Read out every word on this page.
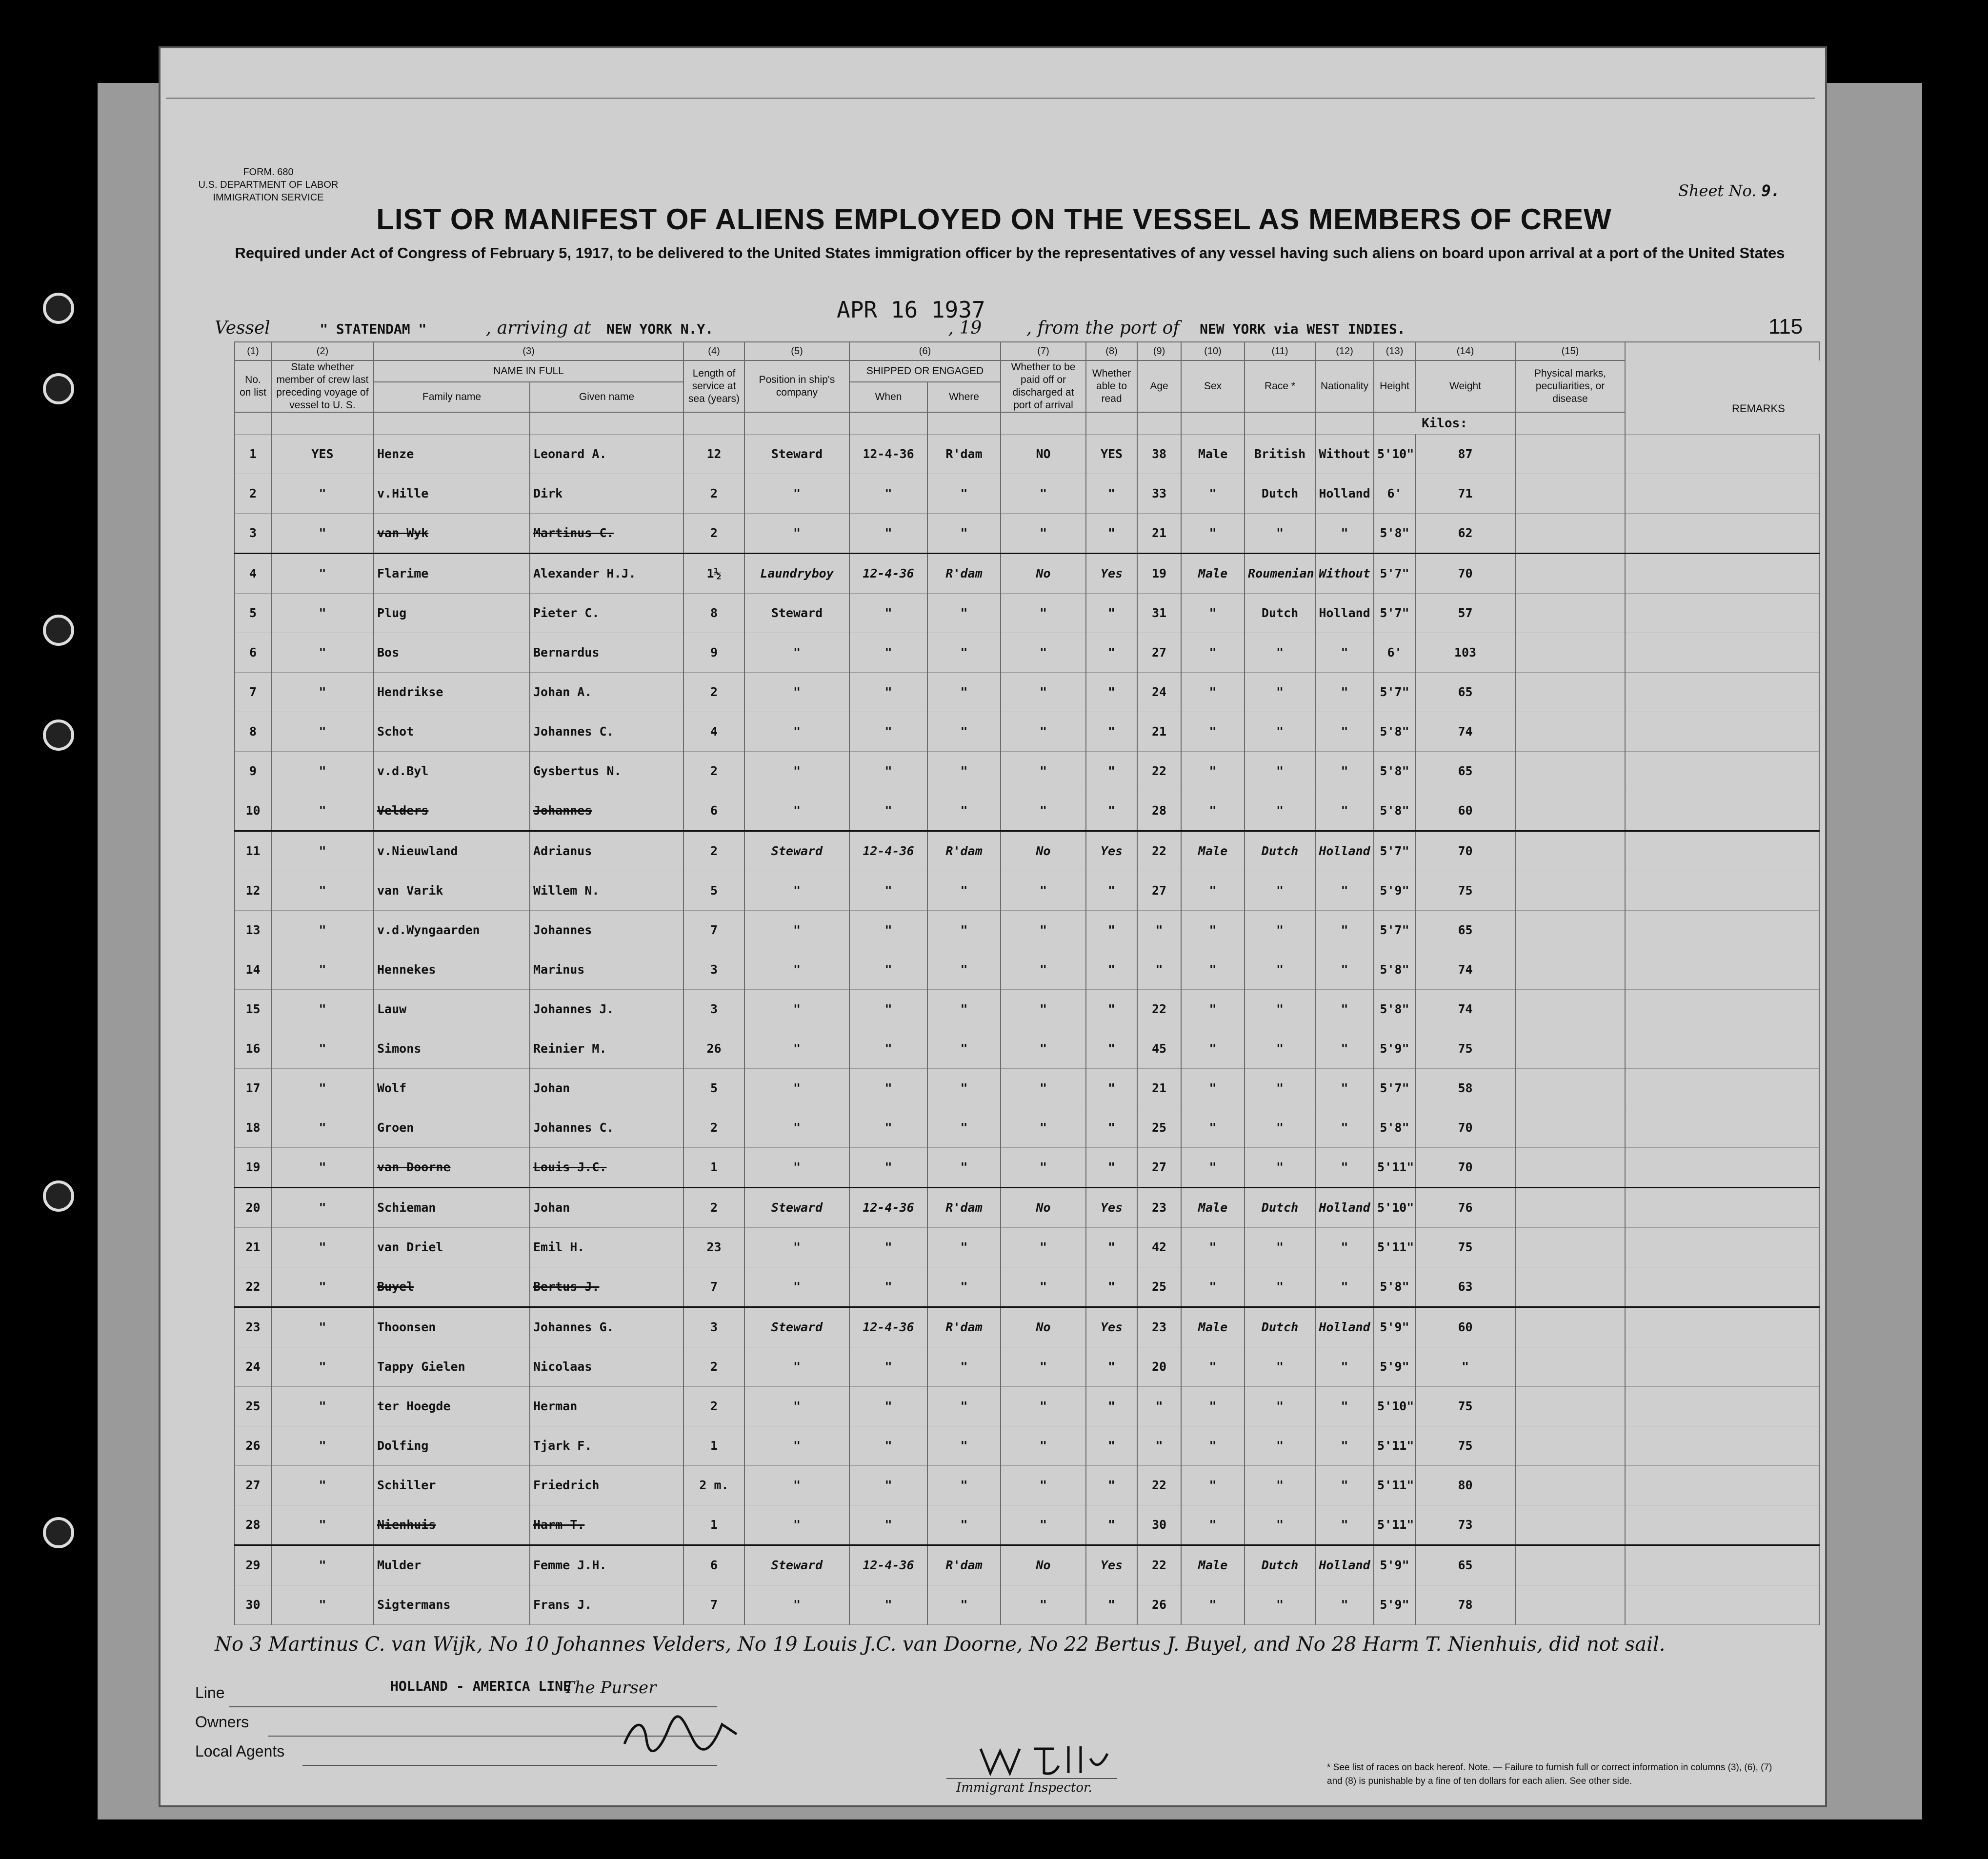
FORM. 680
U.S. DEPARTMENT OF LABOR
IMMIGRATION SERVICE
LIST OR MANIFEST OF ALIENS EMPLOYED ON THE VESSEL AS MEMBERS OF CREW
Sheet No. 9.
Required under Act of Congress of February 5, 1917, to be delivered to the United States immigration officer by the representatives of any vessel having such aliens on board upon arrival at a port of the United States
Vessel	" STATENDAM "	, arriving at NEW YORK N.Y.	, 19	, from the port of NEW YORK via WEST INDIES.
APR 16 1937
115
(1)	(2)	(3)		(4)	(5)	(6)		(7)	(8)	(9)	(10)	(11)	(12)	(13)	(14)	(15)	
No. on list	State whether member of crew last preceding voyage of vessel to U. S.	NAME IN FULL		Length of service at sea (years)	Position in ship's company	SHIPPED OR ENGAGED		Whether to be paid off or discharged at port of arrival	Whether able to read	Age	Sex	Race *	Nationality	Height	Weight	Physical marks, peculiarities, or disease	
		Family name	Given name			When	Where										
														Kilos:			
1	YES	Henze	Leonard A.	12	Steward	12-4-36	R'dam	NO	YES	38	Male	British	Without	5'10"	87		
2	"	v.Hille	Dirk	2	"	"	"	"	"	33	"	Dutch	Holland	6'	71		
3	"	van Wyk	Martinus C.	2	"	"	"	"	"	21	"	"	"	5'8"	62		
4	"	Flarime	Alexander H.J.	1½	Laundryboy	12-4-36	R'dam	No	Yes	19	Male	Roumenian	Without	5'7"	70		
5	"	Plug	Pieter C.	8	Steward	"	"	"	"	31	"	Dutch	Holland	5'7"	57		
6	"	Bos	Bernardus	9	"	"	"	"	"	27	"	"	"	6'	103		
7	"	Hendrikse	Johan A.	2	"	"	"	"	"	24	"	"	"	5'7"	65		
8	"	Schot	Johannes C.	4	"	"	"	"	"	21	"	"	"	5'8"	74		
9	"	v.d.Byl	Gysbertus N.	2	"	"	"	"	"	22	"	"	"	5'8"	65		
10	"	Velders	Johannes	6	"	"	"	"	"	28	"	"	"	5'8"	60		
11	"	v.Nieuwland	Adrianus	2	Steward	12-4-36	R'dam	No	Yes	22	Male	Dutch	Holland	5'7"	70		
12	"	van Varik	Willem N.	5	"	"	"	"	"	27	"	"	"	5'9"	75		
13	"	v.d.Wyngaarden	Johannes	7	"	"	"	"	"	"	"	"	"	5'7"	65		
14	"	Hennekes	Marinus	3	"	"	"	"	"	"	"	"	"	5'8"	74		
15	"	Lauw	Johannes J.	3	"	"	"	"	"	22	"	"	"	5'8"	74		
16	"	Simons	Reinier M.	26	"	"	"	"	"	45	"	"	"	5'9"	75		
17	"	Wolf	Johan	5	"	"	"	"	"	21	"	"	"	5'7"	58		
18	"	Groen	Johannes C.	2	"	"	"	"	"	25	"	"	"	5'8"	70		
19	"	van Doorne	Louis J.C.	1	"	"	"	"	"	27	"	"	"	5'11"	70		
20	"	Schieman	Johan	2	Steward	12-4-36	R'dam	No	Yes	23	Male	Dutch	Holland	5'10"	76		
21	"	van Driel	Emil H.	23	"	"	"	"	"	42	"	"	"	5'11"	75		
22	"	Buyel	Bertus J.	7	"	"	"	"	"	25	"	"	"	5'8"	63		
23	"	Thoonsen	Johannes G.	3	Steward	12-4-36	R'dam	No	Yes	23	Male	Dutch	Holland	5'9"	60		
24	"	Tappy Gielen	Nicolaas	2	"	"	"	"	"	20	"	"	"	5'9"	"		
25	"	ter Hoegde	Herman	2	"	"	"	"	"	"	"	"	"	5'10"	75		
26	"	Dolfing	Tjark F.	1	"	"	"	"	"	"	"	"	"	5'11"	75		
27	"	Schiller	Friedrich	2 m.	"	"	"	"	"	22	"	"	"	5'11"	80		
28	"	Nienhuis	Harm T.	1	"	"	"	"	"	30	"	"	"	5'11"	73		
29	"	Mulder	Femme J.H.	6	Steward	12-4-36	R'dam	No	Yes	22	Male	Dutch	Holland	5'9"	65		
30	"	Sigtermans	Frans J.	7	"	"	"	"	"	26	"	"	"	5'9"	78		
REMARKS
No 3 Martinus C. van Wijk, No 10 Johannes Velders, No 19 Louis J.C. van Doorne, No 22 Bertus J. Buyel, and No 28 Harm T. Nienhuis, did not sail.
Line
Owners
Local Agents
HOLLAND - AMERICA LINE
The Purser
Immigrant Inspector.
* See list of races on back hereof. Note. — Failure to furnish full or correct information in columns (3), (6), (7) and (8) is punishable by a fine of ten dollars for each alien. See other side.
